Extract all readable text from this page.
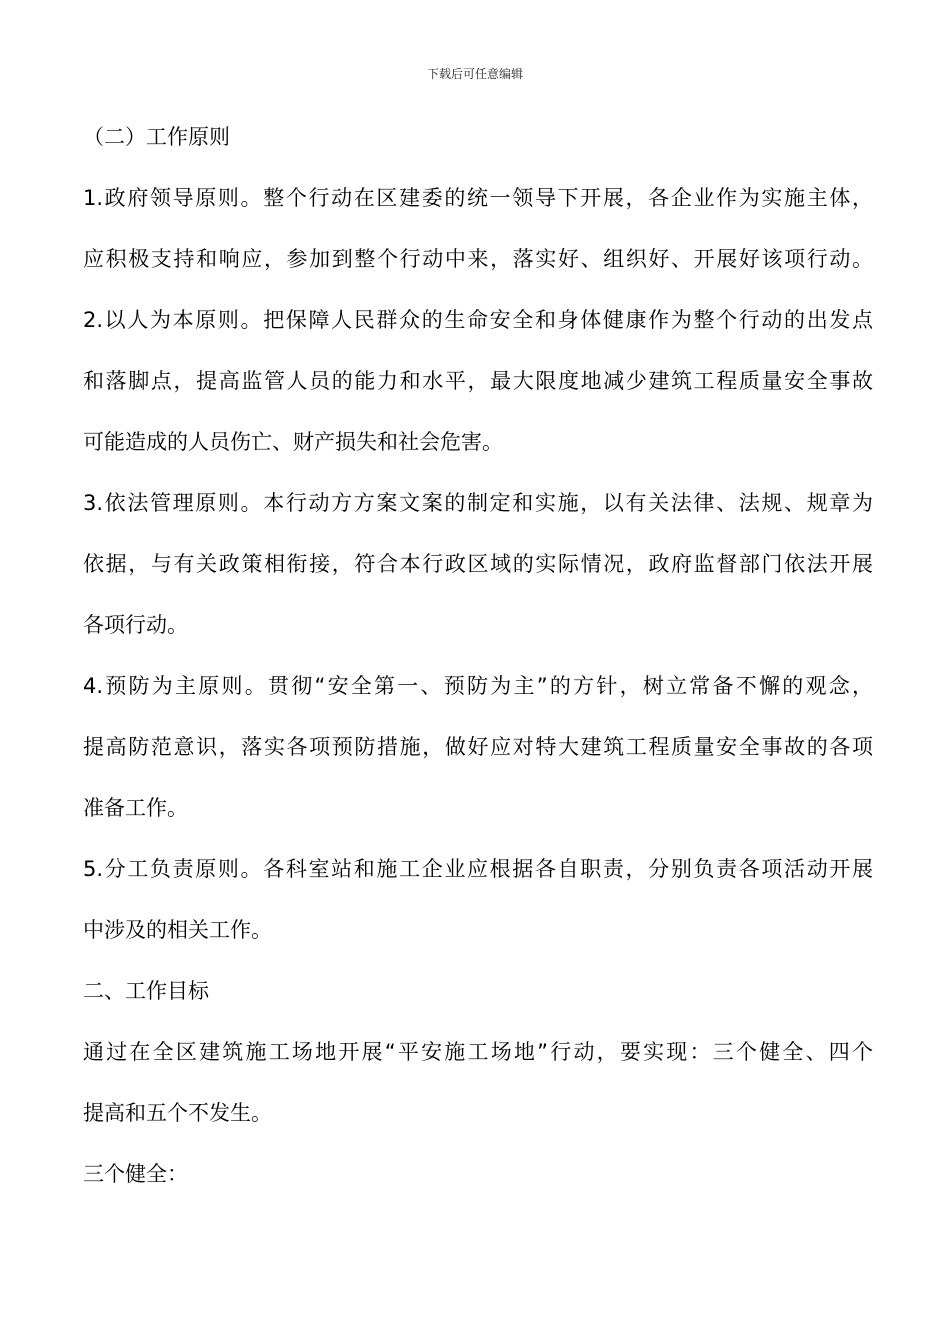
下载后可任意编辑
（二）工作原则
1.政府领导原则。整个行动在区建委的统一领导下开展，各企业作为实施主体，
应积极支持和响应，参加到整个行动中来，落实好、组织好、开展好该项行动。
2.以人为本原则。把保障人民群众的生命安全和身体健康作为整个行动的出发点
和落脚点，提高监管人员的能力和水平，最大限度地减少建筑工程质量安全事故
可能造成的人员伤亡、财产损失和社会危害。
3.依法管理原则。本行动方方案文案的制定和实施，以有关法律、法规、规章为
依据，与有关政策相衔接，符合本行政区域的实际情况，政府监督部门依法开展
各项行动。
4.预防为主原则。贯彻“安全第一、预防为主”的方针，树立常备不懈的观念，
提高防范意识，落实各项预防措施，做好应对特大建筑工程质量安全事故的各项
准备工作。
5.分工负责原则。各科室站和施工企业应根据各自职责，分别负责各项活动开展
中涉及的相关工作。
二、工作目标
通过在全区建筑施工场地开展“平安施工场地”行动，要实现：三个健全、四个
提高和五个不发生。
三个健全：
